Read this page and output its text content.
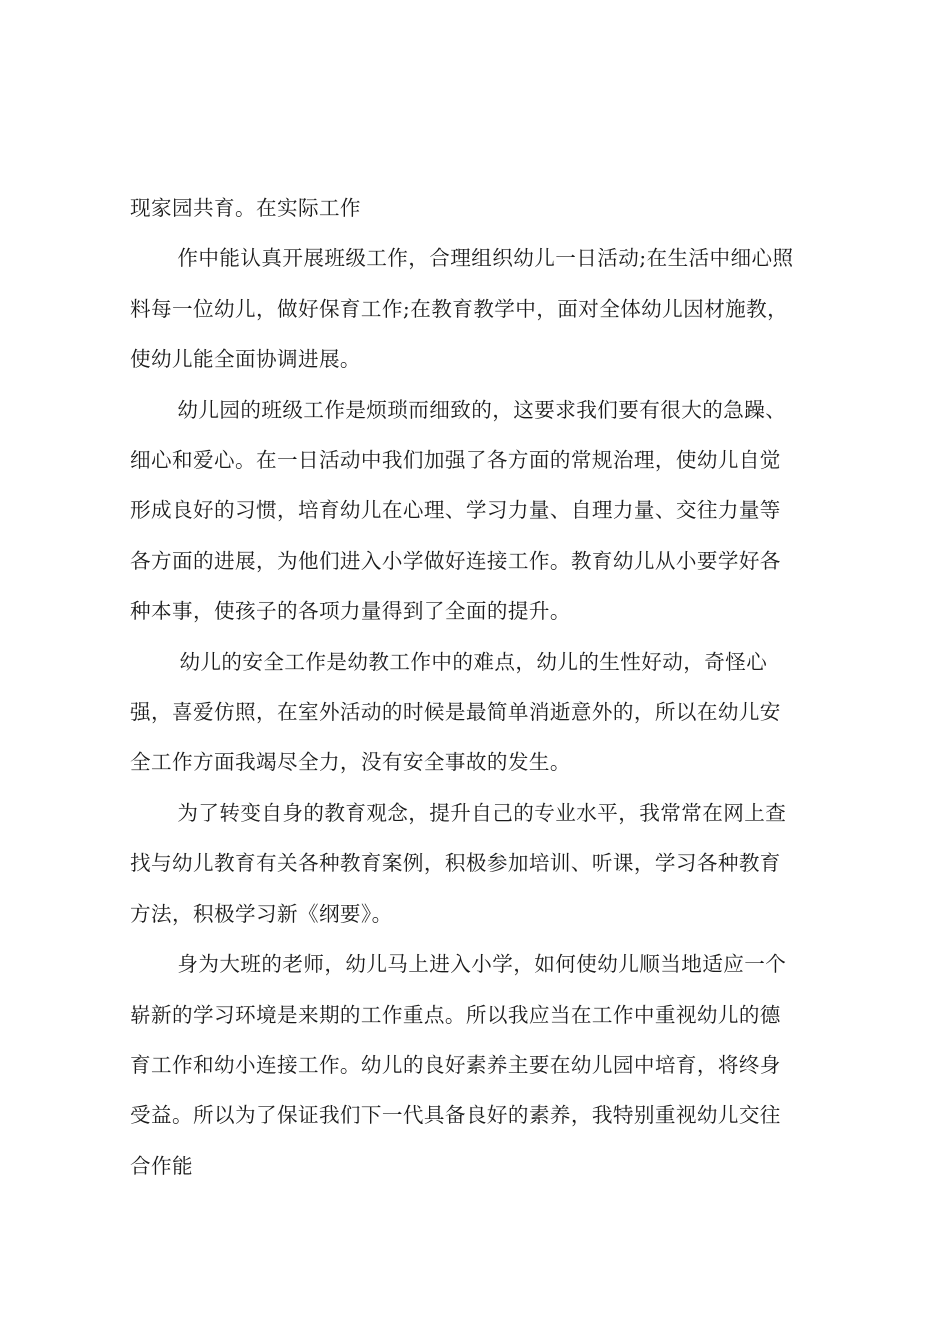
现家园共育。在实际工作

作中能认真开展班级工作，合理组织幼儿一日活动;在生活中细心照
料每一位幼儿，做好保育工作;在教育教学中，面对全体幼儿因材施教，
使幼儿能全面协调进展。

幼儿园的班级工作是烦琐而细致的，这要求我们要有很大的急躁、
细心和爱心。在一日活动中我们加强了各方面的常规治理，使幼儿自觉
形成良好的习惯，培育幼儿在心理、学习力量、自理力量、交往力量等
各方面的进展，为他们进入小学做好连接工作。教育幼儿从小要学好各
种本事，使孩子的各项力量得到了全面的提升。

幼儿的安全工作是幼教工作中的难点，幼儿的生性好动，奇怪心
强，喜爱仿照，在室外活动的时候是最简单消逝意外的，所以在幼儿安
全工作方面我竭尽全力，没有安全事故的发生。

为了转变自身的教育观念，提升自己的专业水平，我常常在网上查
找与幼儿教育有关各种教育案例，积极参加培训、听课，学习各种教育
方法，积极学习新《纲要》。

身为大班的老师，幼儿马上进入小学，如何使幼儿顺当地适应一个
崭新的学习环境是来期的工作重点。所以我应当在工作中重视幼儿的德
育工作和幼小连接工作。幼儿的良好素养主要在幼儿园中培育，将终身
受益。所以为了保证我们下一代具备良好的素养，我特别重视幼儿交往
合作能
